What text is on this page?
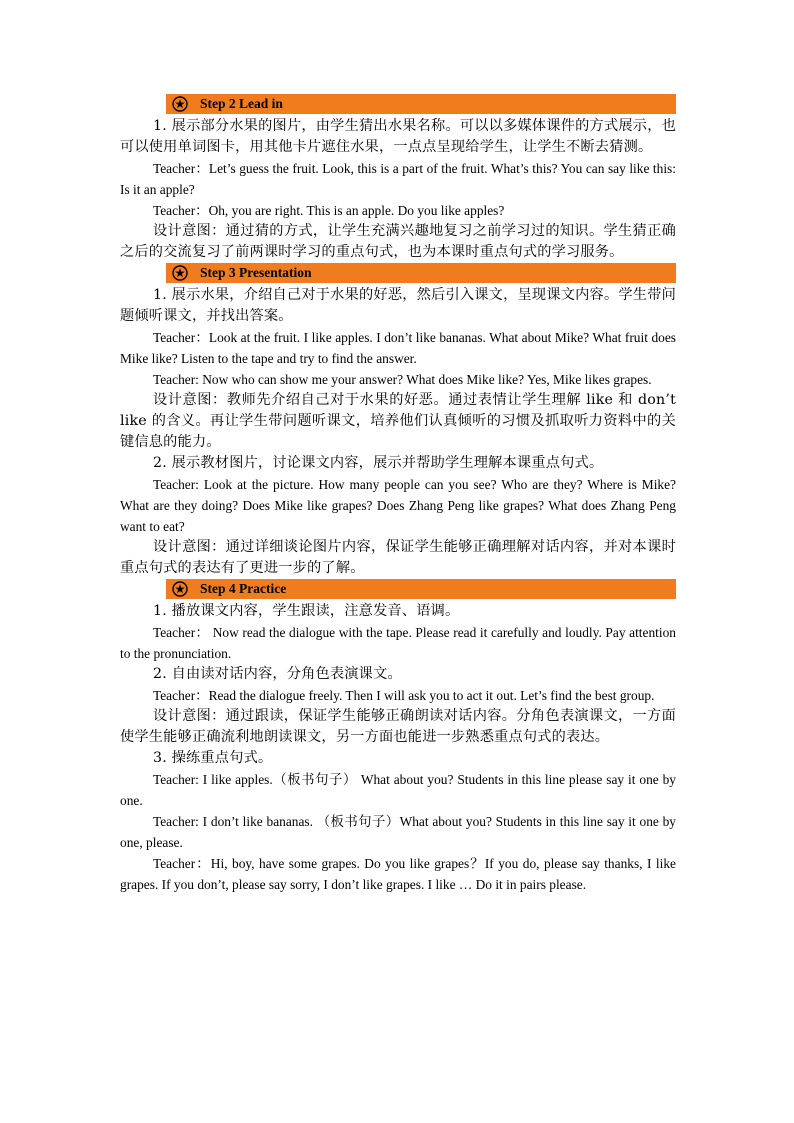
Step 2 Lead in

1. 展示部分水果的图片，由学生猜出水果名称。可以以多媒体课件的方式展示，也可以使用单词图卡，用其他卡片遮住水果，一点点呈现给学生，让学生不断去猜测。

Teacher：Let’s guess the fruit. Look, this is a part of the fruit. What’s this? You can say like this: Is it an apple?

Teacher：Oh, you are right. This is an apple. Do you like apples?

设计意图：通过猜的方式，让学生充满兴趣地复习之前学习过的知识。学生猜正确之后的交流复习了前两课时学习的重点句式，也为本课时重点句式的学习服务。

Step 3 Presentation

1. 展示水果，介绍自己对于水果的好恶，然后引入课文，呈现课文内容。学生带问题倾听课文，并找出答案。

Teacher：Look at the fruit. I like apples. I don’t like bananas. What about Mike? What fruit does Mike like? Listen to the tape and try to find the answer.

Teacher: Now who can show me your answer? What does Mike like? Yes, Mike likes grapes.

设计意图：教师先介绍自己对于水果的好恶。通过表情让学生理解 like 和 don’t like 的含义。再让学生带问题听课文，培养他们认真倾听的习惯及抓取听力资料中的关键信息的能力。

2. 展示教材图片，讨论课文内容，展示并帮助学生理解本课重点句式。

Teacher: Look at the picture. How many people can you see? Who are they? Where is Mike? What are they doing? Does Mike like grapes? Does Zhang Peng like grapes? What does Zhang Peng want to eat?

设计意图：通过详细谈论图片内容，保证学生能够正确理解对话内容，并对本课时重点句式的表达有了更进一步的了解。

Step 4 Practice

1. 播放课文内容，学生跟读，注意发音、语调。

Teacher： Now read the dialogue with the tape. Please read it carefully and loudly. Pay attention to the pronunciation.

2. 自由读对话内容，分角色表演课文。

Teacher：Read the dialogue freely. Then I will ask you to act it out. Let’s find the best group.

设计意图：通过跟读，保证学生能够正确朗读对话内容。分角色表演课文，一方面使学生能够正确流利地朗读课文，另一方面也能进一步熟悉重点句式的表达。

3. 操练重点句式。

Teacher: I like apples.（板书句子） What about you? Students in this line please say it one by one.

Teacher: I don’t like bananas. （板书句子）What about you? Students in this line say it one by one, please.

Teacher：Hi, boy, have some grapes. Do you like grapes？If you do, please say thanks, I like grapes. If you don’t, please say sorry, I don’t like grapes. I like … Do it in pairs please.
